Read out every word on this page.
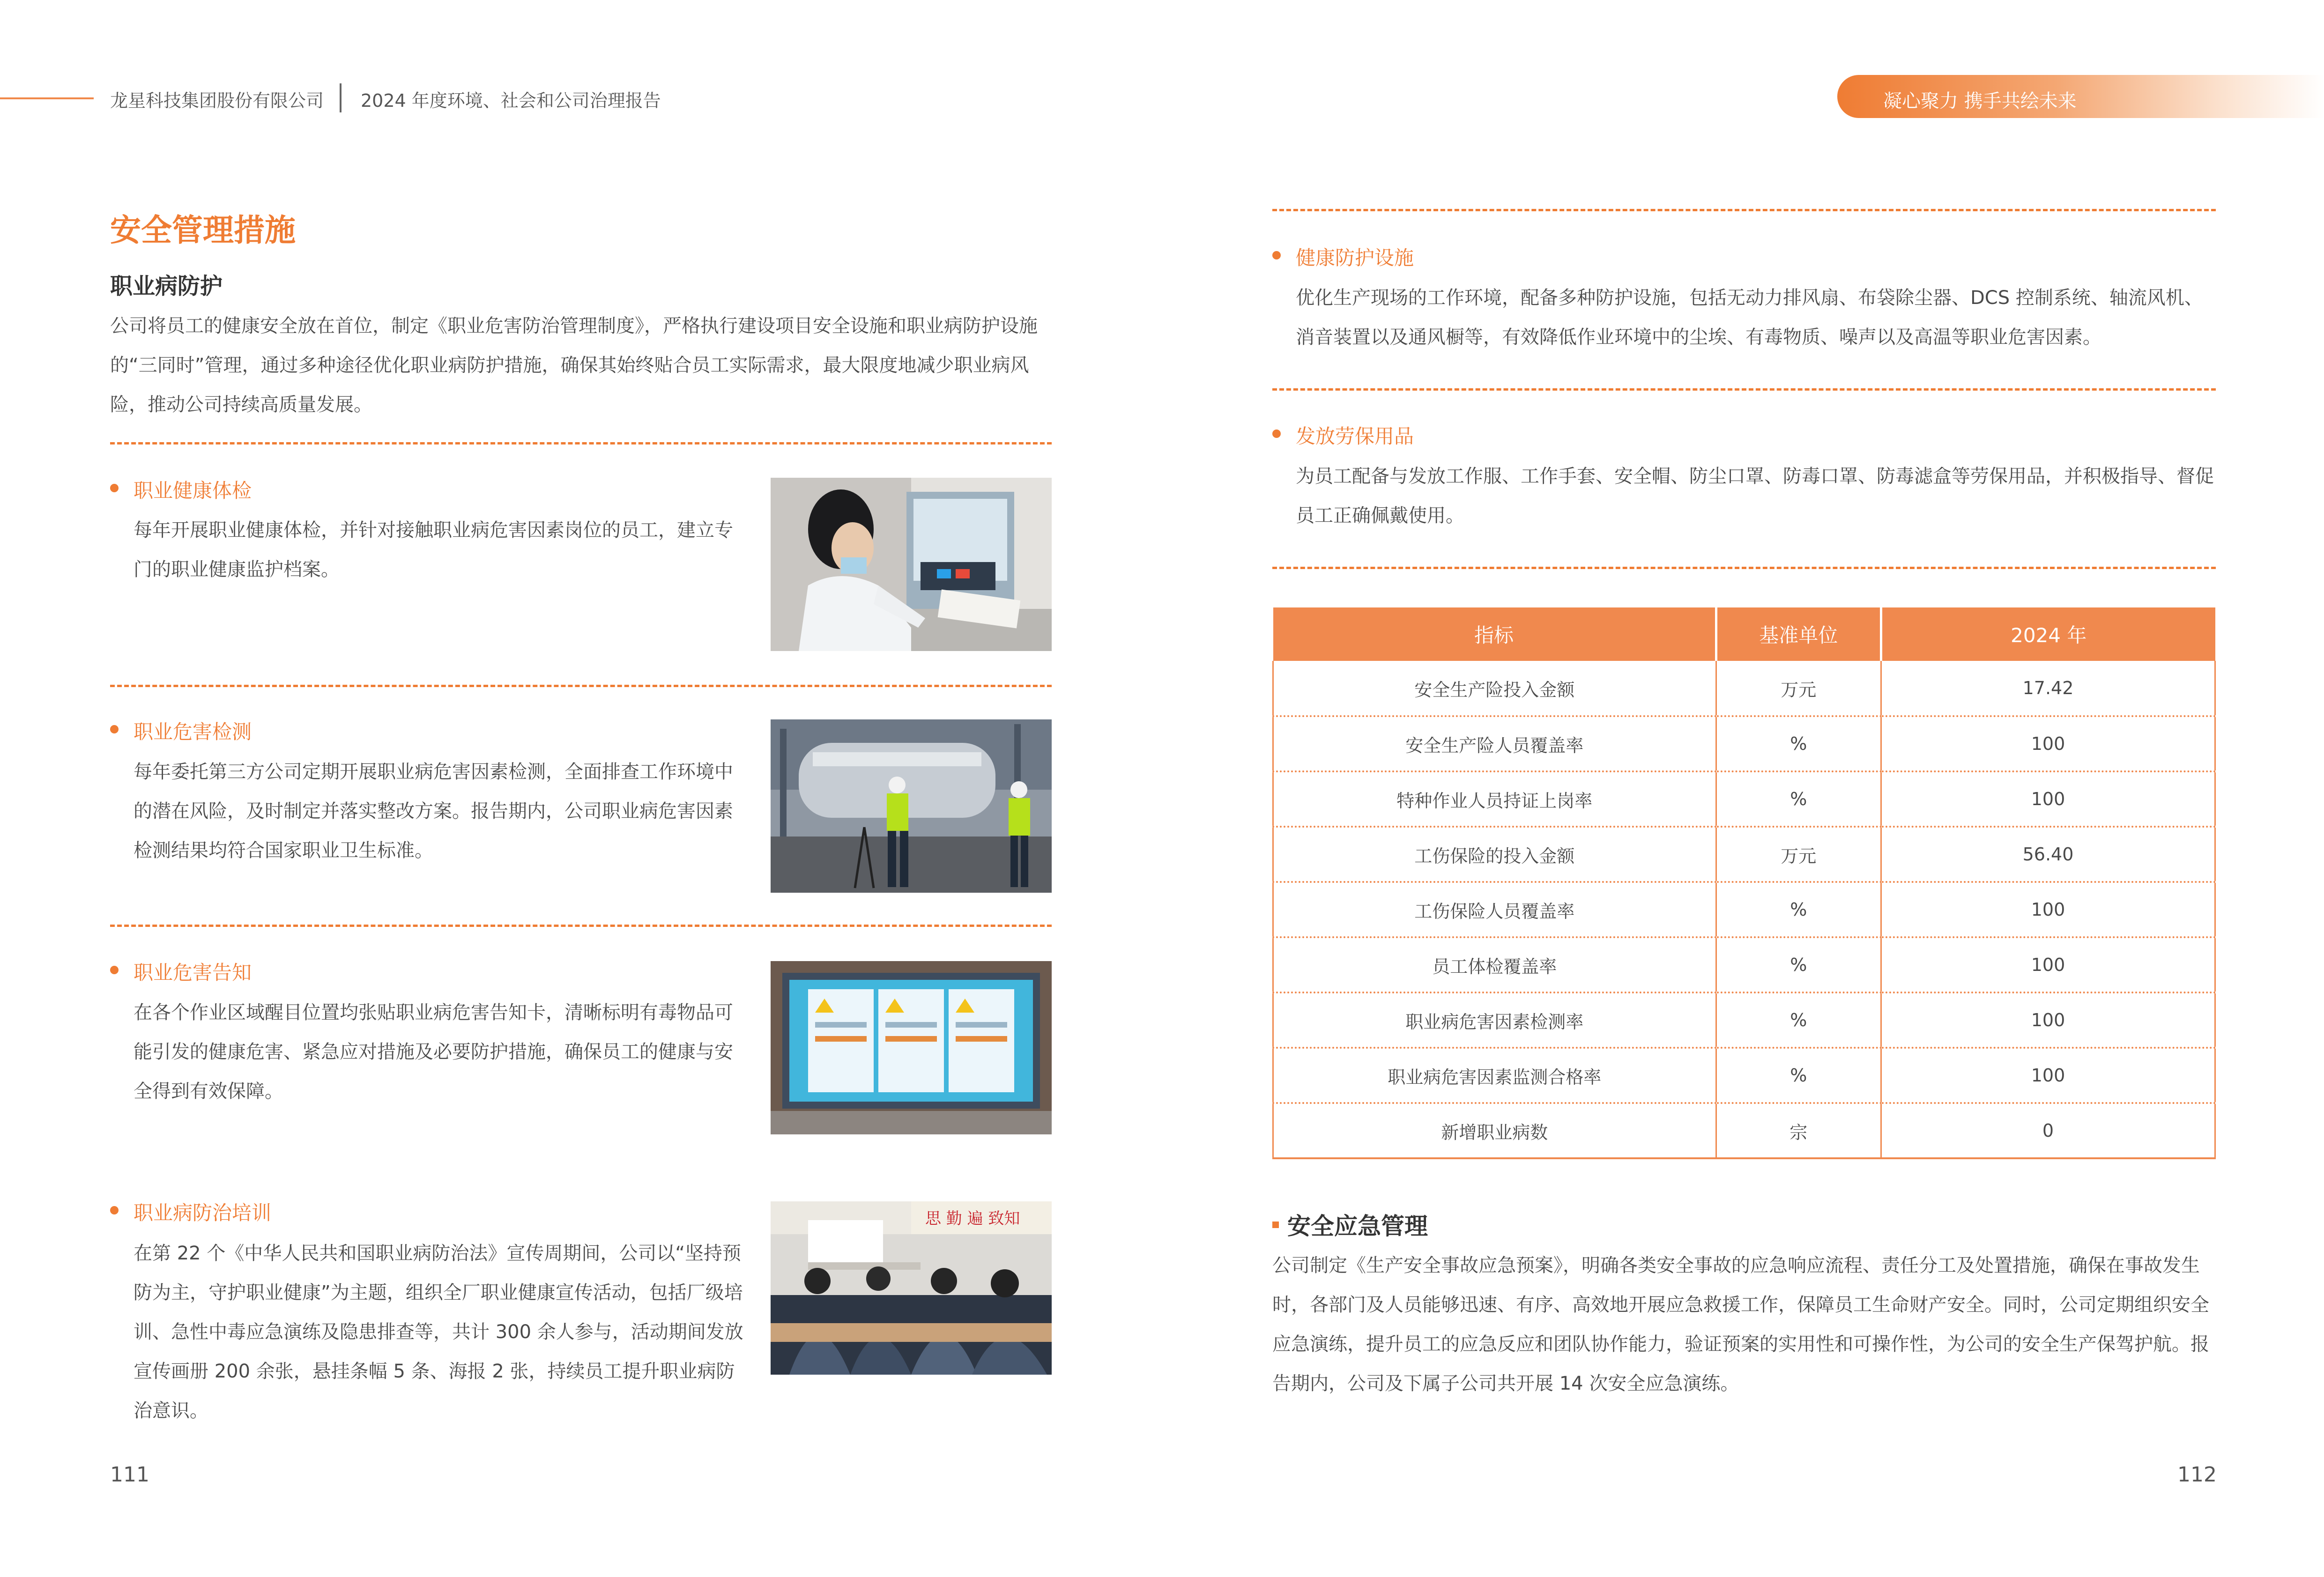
龙星科技集团股份有限公司 2024 年度环境、社会和公司治理报告	凝心聚力 携手共绘未来
安全管理措施
职业病防护
公司将员工的健康安全放在首位，制定《职业危害防治管理制度》，严格执行建设项目安全设施和职业病防护设施的“三同时”管理，通过多种途径优化职业病防护措施，确保其始终贴合员工实际需求，最大限度地减少职业病风险，推动公司持续高质量发展。
职业健康体检
每年开展职业健康体检，并针对接触职业病危害因素岗位的员工，建立专门的职业健康监护档案。
职业危害检测
每年委托第三方公司定期开展职业病危害因素检测，全面排查工作环境中的潜在风险，及时制定并落实整改方案。报告期内，公司职业病危害因素检测结果均符合国家职业卫生标准。
职业危害告知
在各个作业区域醒目位置均张贴职业病危害告知卡，清晰标明有毒物品可能引发的健康危害、紧急应对措施及必要防护措施，确保员工的健康与安全得到有效保障。
职业病防治培训
在第 22 个《中华人民共和国职业病防治法》宣传周期间，公司以“坚持预防为主，守护职业健康”为主题，组织全厂职业健康宣传活动，包括厂级培训、急性中毒应急演练及隐患排查等，共计 300 余人参与，活动期间发放宣传画册 200 余张，悬挂条幅 5 条、海报 2 张，持续员工提升职业病防治意识。
思 勤 遍 致知
111
健康防护设施
优化生产现场的工作环境，配备多种防护设施，包括无动力排风扇、布袋除尘器、DCS 控制系统、轴流风机、消音装置以及通风橱等，有效降低作业环境中的尘埃、有毒物质、噪声以及高温等职业危害因素。
发放劳保用品
为员工配备与发放工作服、工作手套、安全帽、防尘口罩、防毒口罩、防毒滤盒等劳保用品，并积极指导、督促员工正确佩戴使用。
指标	基准单位	2024 年
安全生产险投入金额	万元	17.42
安全生产险人员覆盖率	%	100
特种作业人员持证上岗率	%	100
工伤保险的投入金额	万元	56.40
工伤保险人员覆盖率	%	100
员工体检覆盖率	%	100
职业病危害因素检测率	%	100
职业病危害因素监测合格率	%	100
新增职业病数	宗	0
安全应急管理
公司制定《生产安全事故应急预案》，明确各类安全事故的应急响应流程、责任分工及处置措施，确保在事故发生时，各部门及人员能够迅速、有序、高效地开展应急救援工作，保障员工生命财产安全。同时，公司定期组织安全应急演练，提升员工的应急反应和团队协作能力，验证预案的实用性和可操作性，为公司的安全生产保驾护航。报告期内，公司及下属子公司共开展 14 次安全应急演练。
112
